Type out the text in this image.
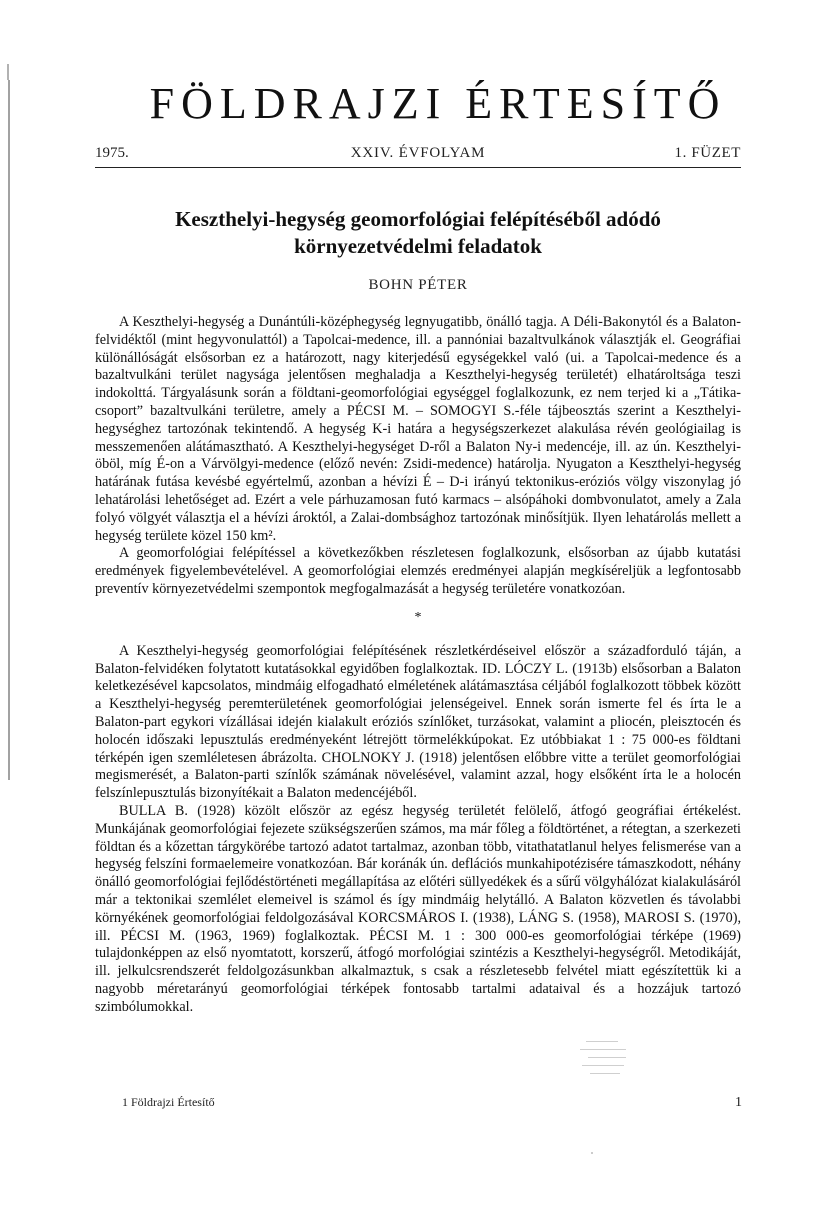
FÖLDRAJZI ÉRTESÍTŐ
1975.	XXIV. ÉVFOLYAM	1. FÜZET
Keszthelyi-hegység geomorfológiai felépítéséből adódó környezetvédelmi feladatok
BOHN PÉTER

A Keszthelyi-hegység a Dunántúli-középhegység legnyugatibb, önálló tagja. A Déli-Bakonytól és a Balaton-felvidéktől (mint hegyvonulattól) a Tapolcai-medence, ill. a pannóniai bazaltvulkánok választják el. Geográfiai különállóságát elsősorban ez a határozott, nagy kiterjedésű egységekkel való (ui. a Tapolcai-medence és a bazaltvulkáni terület nagysága jelentősen meghaladja a Keszthelyi-hegység területét) elhatároltsága teszi indokolttá. Tárgyalásunk során a földtani-geomorfológiai egységgel foglalkozunk, ez nem terjed ki a „Tátika-csoport” bazaltvulkáni területre, amely a PÉCSI M. – SOMOGYI S.-féle tájbeosztás szerint a Keszthelyi-hegységhez tartozónak tekintendő. A hegység K-i határa a hegységszerkezet alakulása révén geológiailag is messzemenően alátámasztható. A Keszthelyi-hegységet D-ről a Balaton Ny-i medencéje, ill. az ún. Keszthelyi-öböl, míg É-on a Várvölgyi-medence (előző nevén: Zsidi-medence) határolja. Nyugaton a Keszthelyi-hegység határának futása kevésbé egyértelmű, azonban a hévízi É – D-i irányú tektonikus-eróziós völgy viszonylag jó lehatárolási lehetőséget ad. Ezért a vele párhuzamosan futó karmacs – alsópáhoki dombvonulatot, amely a Zala folyó völgyét választja el a hévízi ároktól, a Zalai-dombsághoz tartozónak minősítjük. Ilyen lehatárolás mellett a hegység területe közel 150 km².

A geomorfológiai felépítéssel a következőkben részletesen foglalkozunk, elsősorban az újabb kutatási eredmények figyelembevételével. A geomorfológiai elemzés eredményei alapján megkíséreljük a legfontosabb preventív környezetvédelmi szempontok megfogalmazását a hegység területére vonatkozóan.

*

A Keszthelyi-hegység geomorfológiai felépítésének részletkérdéseivel először a századforduló táján, a Balaton-felvidéken folytatott kutatásokkal egyidőben foglalkoztak. ID. LÓCZY L. (1913b) elsősorban a Balaton keletkezésével kapcsolatos, mindmáig elfogadható elméletének alátámasztása céljából foglalkozott többek között a Keszthelyi-hegység peremterületének geomorfológiai jelenségeivel. Ennek során ismerte fel és írta le a Balaton-part egykori vízállásai idején kialakult eróziós színlőket, turzásokat, valamint a pliocén, pleisztocén és holocén időszaki lepusztulás eredményeként létrejött törmelékkúpokat. Ez utóbbiakat 1 : 75 000-es földtani térképén igen szemléletesen ábrázolta. CHOLNOKY J. (1918) jelentősen előbbre vitte a terület geomorfológiai megismerését, a Balaton-parti színlők számának növelésével, valamint azzal, hogy elsőként írta le a holocén felszínlepusztulás bizonyítékait a Balaton medencéjéből.

BULLA B. (1928) közölt először az egész hegység területét felölelő, átfogó geográfiai értékelést. Munkájának geomorfológiai fejezete szükségszerűen számos, ma már főleg a földtörténet, a rétegtan, a szerkezeti földtan és a kőzettan tárgykörébe tartozó adatot tartalmaz, azonban több, vitathatatlanul helyes felismerése van a hegység felszíni formaelemeire vonatkozóan. Bár koránák ún. deflációs munkahipotézisére támaszkodott, néhány önálló geomorfológiai fejlődéstörténeti megállapítása az előtéri süllyedékek és a sűrű völgyhálózat kialakulásáról már a tektonikai szemlélet elemeivel is számol és így mindmáig helytálló. A Balaton közvetlen és távolabbi környékének geomorfológiai feldolgozásával KORCSMÁROS I. (1938), LÁNG S. (1958), MAROSI S. (1970), ill. PÉCSI M. (1963, 1969) foglalkoztak. PÉCSI M. 1 : 300 000-es geomorfológiai térképe (1969) tulajdonképpen az első nyomtatott, korszerű, átfogó morfológiai szintézis a Keszthelyi-hegységről. Metodikáját, ill. jelkulcsrendszerét feldolgozásunkban alkalmaztuk, s csak a részletesebb felvétel miatt egészítettük ki a nagyobb méretarányú geomorfológiai térképek fontosabb tartalmi adataival és a hozzájuk tartozó szimbólumokkal.

1 Földrajzi Értesítő	1
